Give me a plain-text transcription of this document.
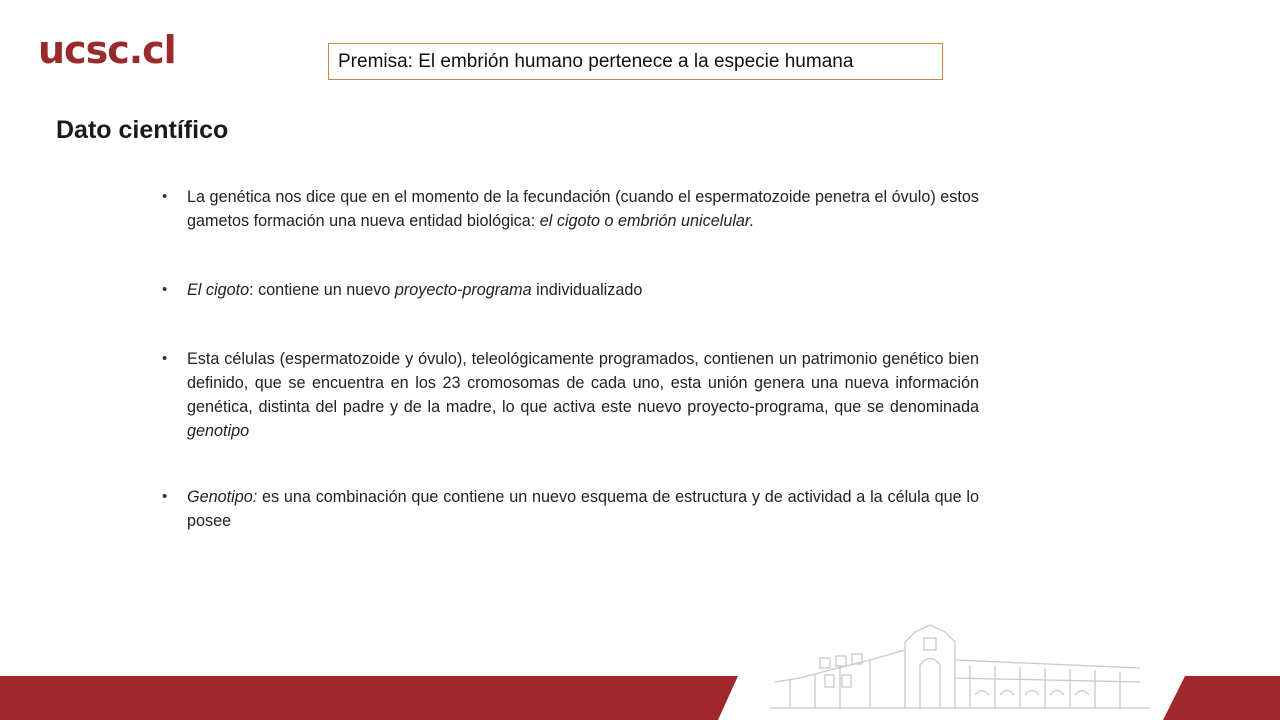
ucsc.cl	Premisa: El embrión humano pertenece a la especie humana
Dato científico
• La genética nos dice que en el momento de la fecundación (cuando el espermatozoide penetra el óvulo) estos gametos formación una nueva entidad biológica: el cigoto o embrión unicelular.
• El cigoto: contiene un nuevo proyecto-programa individualizado
• Esta células (espermatozoide y óvulo), teleológicamente programados, contienen un patrimonio genético bien definido, que se encuentra en los 23 cromosomas de cada uno, esta unión genera una nueva información genética, distinta del padre y de la madre, lo que activa este nuevo proyecto-programa, que se denominada genotipo
• Genotipo: es una combinación que contiene un nuevo esquema de estructura y de actividad a la célula que lo posee
